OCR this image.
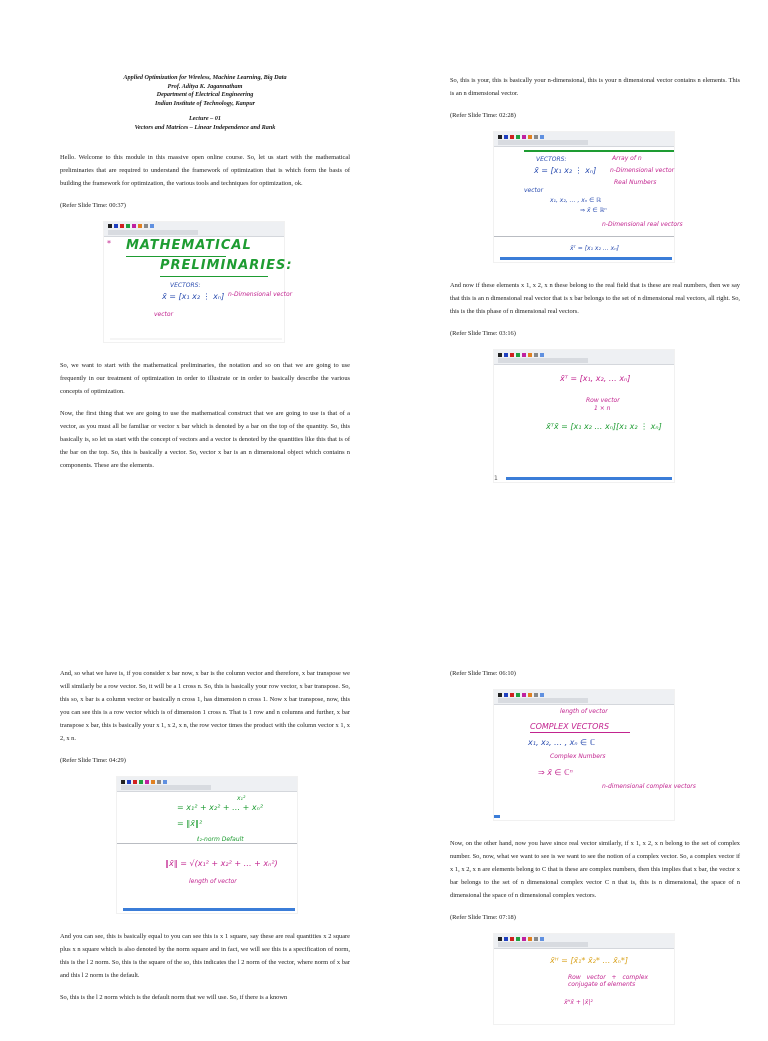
Applied Optimization for Wireless, Machine Learning, Big Data
Prof. Aditya K. Jagannatham
Department of Electrical Engineering
Indian Institute of Technology, Kanpur
Lecture – 01
Vectors and Matrices – Linear Independence and Rank

Hello. Welcome to this module in this massive open online course. So, let us start with the mathematical preliminaries that are required to understand the framework of optimization that is which form the basis of building the framework for optimization, the various tools and techniques for optimization, ok.

(Refer Slide Time: 00:37)

* MATHEMATICAL
PRELIMINARIES:
VECTORS:
x̄ = [x₁ x₂ ⋮ xₙ] n-Dimensional vector
vector

So, we want to start with the mathematical preliminaries, the notation and so on that we are going to use frequently in our treatment of optimization in order to illustrate or in order to basically describe the various concepts of optimization.

Now, the first thing that we are going to use the mathematical construct that we are going to use is that of a vector, as you must all be familiar or vector x bar which is denoted by a bar on the top of the quantity. So, this basically is, so let us start with the concept of vectors and a vector is denoted by the quantities like this that is of the bar on the top. So, this is basically a vector. So, vector x bar is an n dimensional object which contains n components. These are the elements.

So, this is your, this is basically your n-dimensional, this is your n dimensional vector contains n elements. This is an n dimensional vector.

(Refer Slide Time: 02:28)

VECTORS:
x̄ = [x₁ x₂ ⋮ xₙ]
Array of n
n-Dimensional vector
Real Numbers
vector
x₁, x₂, … , xₙ ∈ ℝ
⇒ x̄ ∈ ℝⁿ
n-Dimensional real vectors
x̄ᵀ = [x₁ x₂ … xₙ]

And now if these elements x 1, x 2, x n these belong to the real field that is these are real numbers, then we say that this is an n dimensional real vector that is x bar belongs to the set of n dimensional real vectors, all right. So, this is the this phase of n dimensional real vectors.

(Refer Slide Time: 03:16)

x̄ᵀ = [x₁, x₂, … xₙ]
Row vector
1 × n
x̄ᵀx̄ = [x₁ x₂ … xₙ][x₁ x₂ ⋮ xₙ]
1

And, so what we have is, if you consider x bar now, x bar is the column vector and therefore, x bar transpose we will similarly be a row vector. So, it will be a 1 cross n. So, this is basically your row vector, x bar transpose. So, this so, x bar is a column vector or basically n cross 1, has dimension n cross 1. Now x bar transpose, now, this you can see this is a row vector which is of dimension 1 cross n. That is 1 row and n columns and further, x bar transpose x bar, this is basically your x 1, x 2, x n, the row vector times the product with the column vector x 1, x 2, x n.

(Refer Slide Time: 04:29)

x₁²
= x₁² + x₂² + … + xₙ²
= ‖x̄‖²
ℓ₂-norm Default
‖x̄‖ = √(x₁² + x₂² + … + xₙ²)
length of vector

And you can see, this is basically equal to you can see this is x 1 square, say these are real quantities x 2 square plus x n square which is also denoted by the norm square and in fact, we will see this is a specification of norm, this is the l 2 norm. So, this is the square of the so, this indicates the l 2 norm of the vector, where norm of x bar and this l 2 norm is the default.

So, this is the l 2 norm which is the default norm that we will use. So, if there is a known

(Refer Slide Time: 06:10)

length of vector
COMPLEX VECTORS
x₁, x₂, … , xₙ ∈ ℂ
Complex Numbers
⇒ x̄ ∈ ℂⁿ
n-dimensional complex vectors

Now, on the other hand, now you have since real vector similarly, if x 1, x 2, x n belong to the set of complex number. So, now, what we want to see is we want to see the notion of a complex vector. So, a complex vector if x 1, x 2, x n are elements belong to C that is these are complex numbers, then this implies that x bar, the vector x bar belongs to the set of n dimensional complex vector C n that is, this is n dimensional, the space of n dimensional the space of n dimensional complex vectors.

(Refer Slide Time: 07:18)

x̄ᴴ = [x̄₁* x̄₂* … x̄ₙ*]
Row vector + complex conjugate of elements
x̄ᴴx̄ + |x̄|²
